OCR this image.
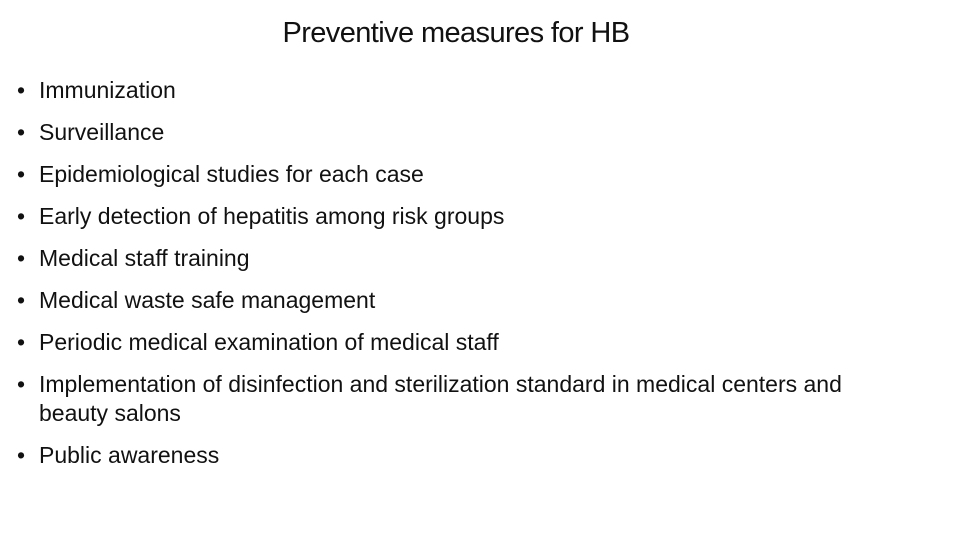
Preventive measures for HB
• Immunization
• Surveillance
• Epidemiological studies for each case
• Early detection of hepatitis among risk groups
• Medical staff training
• Medical waste safe management
• Periodic medical examination of medical staff
• Implementation of disinfection and sterilization standard in medical centers and beauty salons
• Public awareness
